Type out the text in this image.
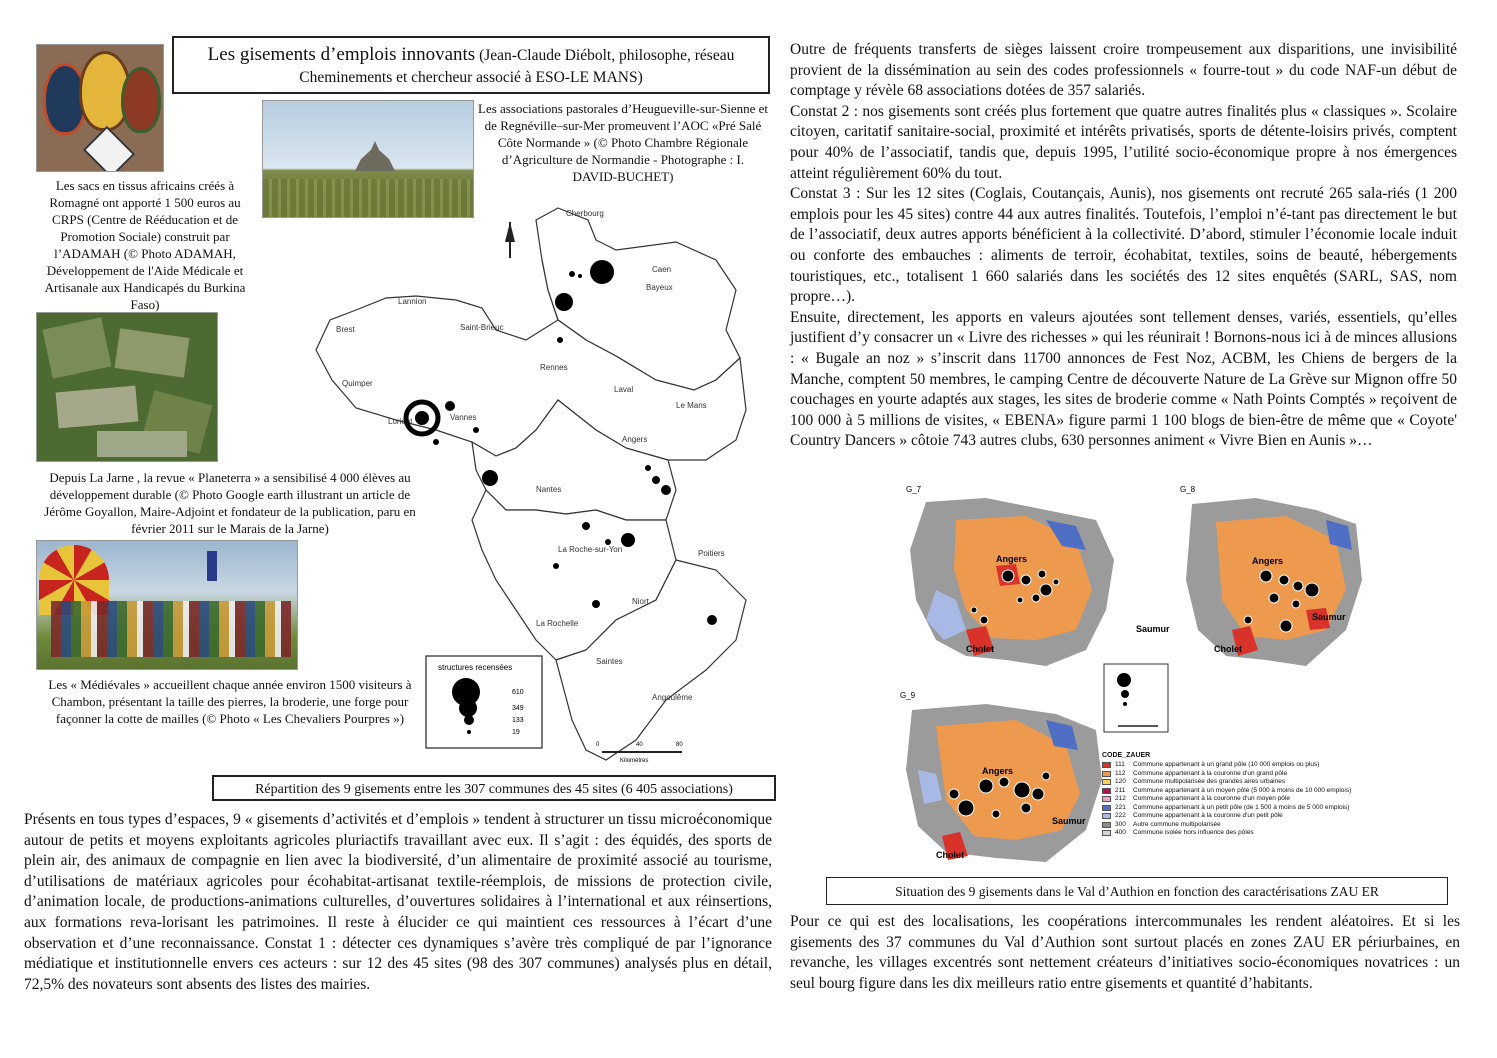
Les gisements d’emplois innovants (Jean-Claude Diébolt, philosophe, réseau Cheminements et chercheur associé à ESO-LE MANS)
Les sacs en tissus africains créés à Romagné ont apporté 1 500 euros au CRPS (Centre de Rééducation et de Promotion Sociale) construit par l’ADAMAH (© Photo ADAMAH, Développement de l'Aide Médicale et Artisanale aux Handicapés du Burkina Faso)
Les associations pastorales d’Heugueville-sur-Sienne et de Regnéville–sur-Mer promeuvent l’AOC «Pré Salé Côte Normande » (© Photo Chambre Régionale d’Agriculture de Normandie - Photographe : I. DAVID-BUCHET)
Depuis La Jarne , la revue « Planeterra » a sensibilisé 4 000 élèves au développement durable (© Photo Google earth illustrant un article de Jérôme Goyallon, Maire-Adjoint et fondateur de la publication, paru en février 2011 sur le Marais de la Jarne)
Les « Médiévales » accueillent chaque année environ 1500 visiteurs à Chambon, présentant la taille des pierres, la broderie, une forge pour façonner la cotte de mailles (© Photo « Les Chevaliers Pourpres »)
Cherbourg
Caen
Bayeux
Lannion
Brest
Quimper
Lorient	Vannes
Rennes
Laval
Le Mans
Angers
Nantes
La Roche-sur-Yon
Niort
Poitiers
La Rochelle
Saintes
Angoulême
Saint-Brieuc
structures recensées
610
349
133
19
0	40	80
Kilomètres
Répartition des 9 gisements entre les 307 communes des 45 sites (6 405 associations)
Présents en tous types d’espaces, 9 « gisements d’activités et d’emplois » tendent à structurer un tissu microéconomique autour de petits et moyens exploitants agricoles pluriactifs travaillant avec eux. Il s’agit : des équidés, des sports de plein air, des animaux de compagnie en lien avec la biodiversité, d’un alimentaire de proximité associé au tourisme, d’utilisations de matériaux agricoles pour écohabitat-artisanat textile-réemplois, de missions de protection civile, d’animation locale, de productions-animations culturelles, d’ouvertures solidaires à l’international et aux réinsertions, aux formations reva-lorisant les patrimoines. Il reste à élucider ce qui maintient ces ressources à l’écart d’une observation et d’une reconnaissance. Constat 1 : détecter ces dynamiques s’avère très compliqué de par l’ignorance médiatique et institutionnelle envers ces acteurs : sur 12 des 45 sites (98 des 307 communes) analysés plus en détail, 72,5% des novateurs sont absents des listes des mairies.

Outre de fréquents transferts de sièges laissent croire trompeusement aux disparitions, une invisibilité provient de la dissémination au sein des codes professionnels « fourre-tout » du code NAF-un début de comptage y révèle 68 associations dotées de 357 salariés.

Constat 2 : nos gisements sont créés plus fortement que quatre autres finalités plus « classiques ». Scolaire citoyen, caritatif sanitaire-social, proximité et intérêts privatisés, sports de détente-loisirs privés, comptent pour 40% de l’associatif, tandis que, depuis 1995, l’utilité socio-économique propre à nos émergences atteint régulièrement 60% du tout.

Constat 3 : Sur les 12 sites (Coglais, Coutançais, Aunis), nos gisements ont recruté 265 sala-riés (1 200 emplois pour les 45 sites) contre 44 aux autres finalités. Toutefois, l’emploi n’é-tant pas directement le but de l’associatif, deux autres apports bénéficient à la collectivité. D’abord, stimuler l’économie locale induit ou conforte des embauches : aliments de terroir, écohabitat, textiles, soins de beauté, hébergements touristiques, etc., totalisent 1 660 salariés dans les sociétés des 12 sites enquêtés (SARL, SAS, nom propre…).

Ensuite, directement, les apports en valeurs ajoutées sont tellement denses, variés, essentiels, qu’elles justifient d’y consacrer un « Livre des richesses » qui les réunirait ! Bornons-nous ici à de minces allusions : « Bugale an noz » s’inscrit dans 11700 annonces de Fest Noz, ACBM, les Chiens de bergers de la Manche, comptent 50 membres, le camping Centre de découverte Nature de La Grève sur Mignon offre 50 couchages en yourte adaptés aux stages, les sites de broderie comme « Nath Points Comptés » reçoivent de 100 000 à 5 millions de visites, « EBENA» figure parmi 1 100 blogs de bien-être de même que « Coyote' Country Dancers » côtoie 743 autres clubs, 630 personnes animent « Vivre Bien en Aunis »…

G_7
Angers
Cholet
G_8
Angers
Saumur
Cholet
Saumur
G_9
Angers
Saumur
Cholet
CODE_ZAUER
111	Commune appartenant à un grand pôle (10 000 emplois ou plus)
112	Commune appartenant à la couronne d'un grand pôle
120	Commune multipolarisée des grandes aires urbaines
211	Commune appartenant à un moyen pôle (5 000 à moins de 10 000 emplois)
212	Commune appartenant à la couronne d'un moyen pôle
221	Commune appartenant à un petit pôle (de 1 500 à moins de 5 000 emplois)
222	Commune appartenant à la couronne d'un petit pôle
300	Autre commune multipolarisée
400	Commune isolée hors influence des pôles
Situation des 9 gisements dans le Val d’Authion en fonction des caractérisations ZAU ER
Pour ce qui est des localisations, les coopérations intercommunales les rendent aléatoires. Et si les gisements des 37 communes du Val d’Authion sont surtout placés en zones ZAU ER périurbaines, en revanche, les villages excentrés sont nettement créateurs d’initiatives socio-économiques novatrices : un seul bourg figure dans les dix meilleurs ratio entre gisements et quantité d’habitants.
